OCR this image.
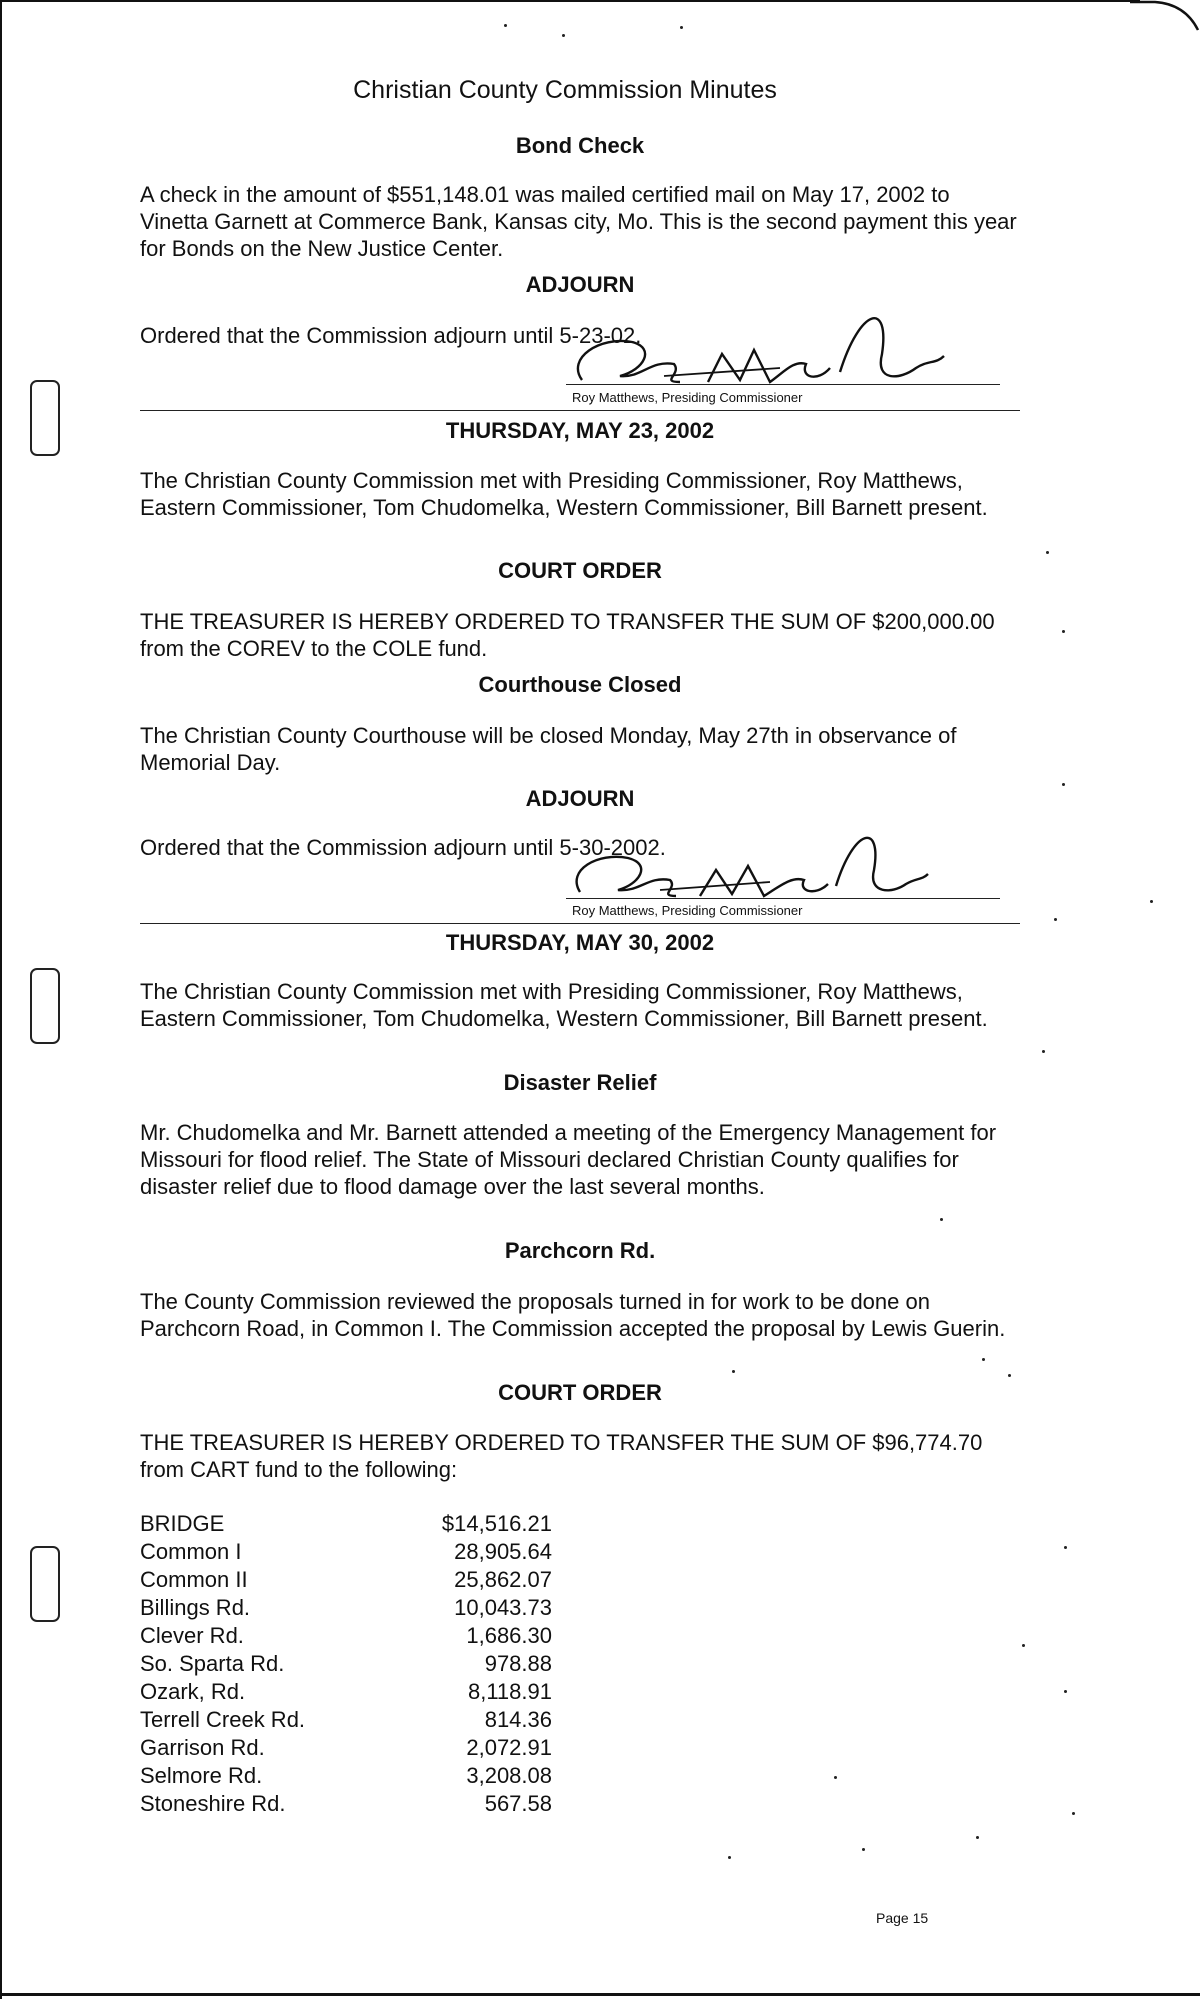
Christian County Commission Minutes
Bond Check
A check in the amount of $551,148.01 was mailed certified mail on May 17, 2002 to Vinetta Garnett at Commerce Bank, Kansas city, Mo. This is the second payment this year for Bonds on the New Justice Center.
ADJOURN
Ordered that the Commission adjourn until 5-23-02.
Roy Matthews, Presiding Commissioner
THURSDAY, MAY 23, 2002
The Christian County Commission met with Presiding Commissioner, Roy Matthews, Eastern Commissioner, Tom Chudomelka, Western Commissioner, Bill Barnett present.
COURT ORDER
THE TREASURER IS HEREBY ORDERED TO TRANSFER THE SUM OF $200,000.00 from the COREV to the COLE fund.
Courthouse Closed
The Christian County Courthouse will be closed Monday, May 27th in observance of Memorial Day.
ADJOURN
Ordered that the Commission adjourn until 5-30-2002.
Roy Matthews, Presiding Commissioner
THURSDAY, MAY 30, 2002
The Christian County Commission met with Presiding Commissioner, Roy Matthews, Eastern Commissioner, Tom Chudomelka, Western Commissioner, Bill Barnett present.
Disaster Relief
Mr. Chudomelka and Mr. Barnett attended a meeting of the Emergency Management for Missouri for flood relief. The State of Missouri declared Christian County qualifies for disaster relief due to flood damage over the last several months.
Parchcorn Rd.
The County Commission reviewed the proposals turned in for work to be done on Parchcorn Road, in Common I. The Commission accepted the proposal by Lewis Guerin.
COURT ORDER
THE TREASURER IS HEREBY ORDERED TO TRANSFER THE SUM OF $96,774.70 from CART fund to the following:
BRIDGE	$14,516.21
Common I	28,905.64
Common II	25,862.07
Billings Rd.	10,043.73
Clever Rd.	1,686.30
So. Sparta Rd.	978.88
Ozark, Rd.	8,118.91
Terrell Creek Rd.	814.36
Garrison Rd.	2,072.91
Selmore Rd.	3,208.08
Stoneshire Rd.	567.58
Page 15
